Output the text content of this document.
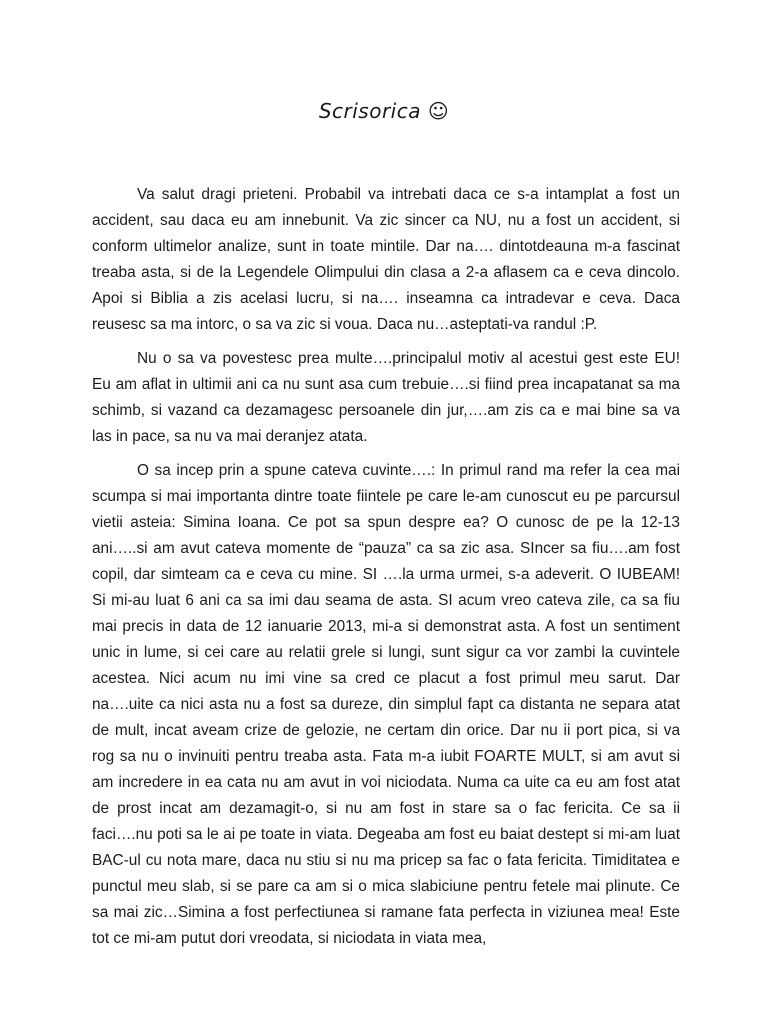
Scrisorica ☺

Va salut dragi prieteni. Probabil va intrebati daca ce s-a intamplat a fost un accident, sau daca eu am innebunit. Va zic sincer ca NU, nu a fost un accident, si conform ultimelor analize, sunt in toate mintile. Dar na…. dintotdeauna m-a fascinat treaba asta, si de la Legendele Olimpului din clasa a 2-a aflasem ca e ceva dincolo. Apoi si Biblia a zis acelasi lucru, si na…. inseamna ca intradevar e ceva. Daca reusesc sa ma intorc, o sa va zic si voua. Daca nu…asteptati-va randul :P.

Nu o sa va povestesc prea multe….principalul motiv al acestui gest este EU! Eu am aflat in ultimii ani ca nu sunt asa cum trebuie….si fiind prea incapatanat sa ma schimb, si vazand ca dezamagesc persoanele din jur,….am zis ca e mai bine sa va las in pace, sa nu va mai deranjez atata.

O sa incep prin a spune cateva cuvinte….: In primul rand ma refer la cea mai scumpa si mai importanta dintre toate fiintele pe care le-am cunoscut eu pe parcursul vietii asteia: Simina Ioana. Ce pot sa spun despre ea? O cunosc de pe la 12-13 ani…..si am avut cateva momente de “pauza” ca sa zic asa. SIncer sa fiu….am fost copil, dar simteam ca e ceva cu mine. SI ….la urma urmei, s-a adeverit. O IUBEAM! Si mi-au luat 6 ani ca sa imi dau seama de asta. SI acum vreo cateva zile, ca sa fiu mai precis in data de 12 ianuarie 2013, mi-a si demonstrat asta. A fost un sentiment unic in lume, si cei care au relatii grele si lungi, sunt sigur ca vor zambi la cuvintele acestea. Nici acum nu imi vine sa cred ce placut a fost primul meu sarut. Dar na….uite ca nici asta nu a fost sa dureze, din simplul fapt ca distanta ne separa atat de mult, incat aveam crize de gelozie, ne certam din orice. Dar nu ii port pica, si va rog sa nu o invinuiti pentru treaba asta. Fata m-a iubit FOARTE MULT, si am avut si am incredere in ea cata nu am avut in voi niciodata. Numa ca uite ca eu am fost atat de prost incat am dezamagit-o, si nu am fost in stare sa o fac fericita. Ce sa ii faci….nu poti sa le ai pe toate in viata. Degeaba am fost eu baiat destept si mi-am luat BAC-ul cu nota mare, daca nu stiu si nu ma pricep sa fac o fata fericita. Timiditatea e punctul meu slab, si se pare ca am si o mica slabiciune pentru fetele mai plinute. Ce sa mai zic…Simina a fost perfectiunea si ramane fata perfecta in viziunea mea! Este tot ce mi-am putut dori vreodata, si niciodata in viata mea,
